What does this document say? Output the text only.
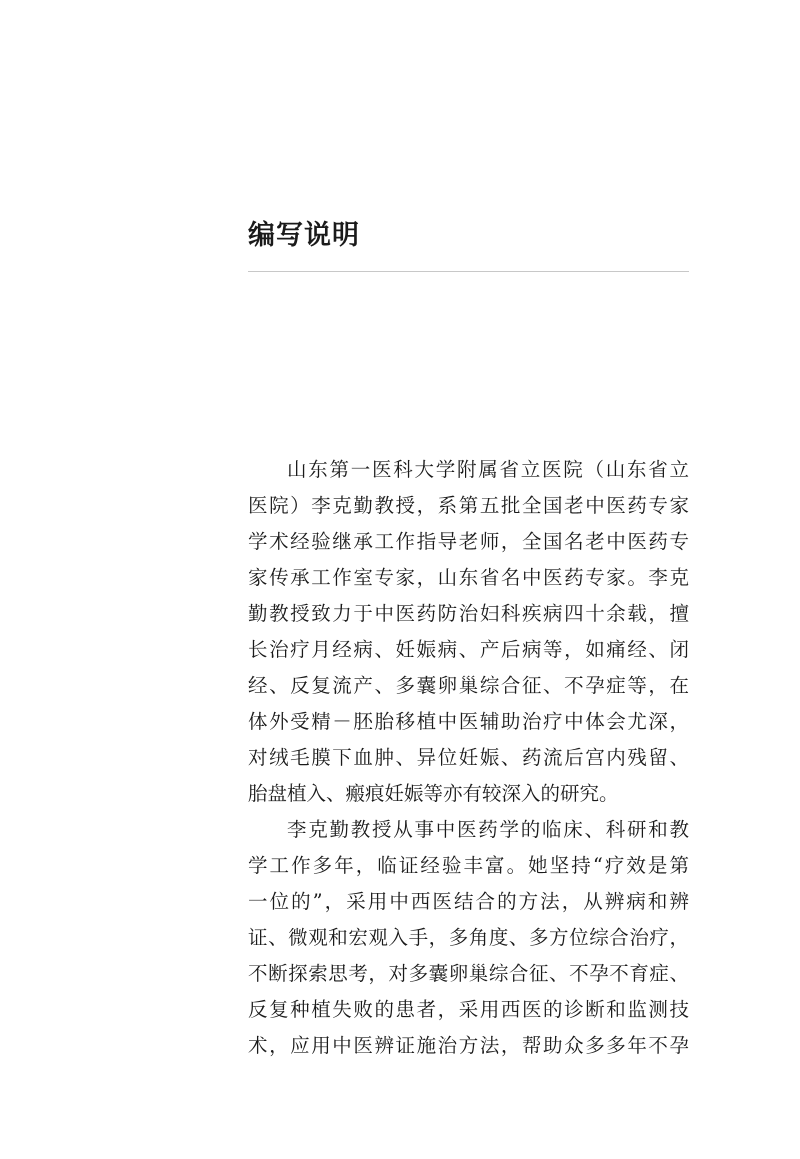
编写说明
山东第一医科大学附属省立医院（山东省立
医院）李克勤教授，系第五批全国老中医药专家
学术经验继承工作指导老师，全国名老中医药专
家传承工作室专家，山东省名中医药专家。李克
勤教授致力于中医药防治妇科疾病四十余载，擅
长治疗月经病、妊娠病、产后病等，如痛经、闭
经、反复流产、多囊卵巢综合征、不孕症等，在
体外受精－胚胎移植中医辅助治疗中体会尤深，
对绒毛膜下血肿、异位妊娠、药流后宫内残留、
胎盘植入、瘢痕妊娠等亦有较深入的研究。
李克勤教授从事中医药学的临床、科研和教
学工作多年，临证经验丰富。她坚持“疗效是第
一位的”，采用中西医结合的方法，从辨病和辨
证、微观和宏观入手，多角度、多方位综合治疗，
不断探索思考，对多囊卵巢综合征、不孕不育症、
反复种植失败的患者，采用西医的诊断和监测技
术，应用中医辨证施治方法，帮助众多多年不孕
